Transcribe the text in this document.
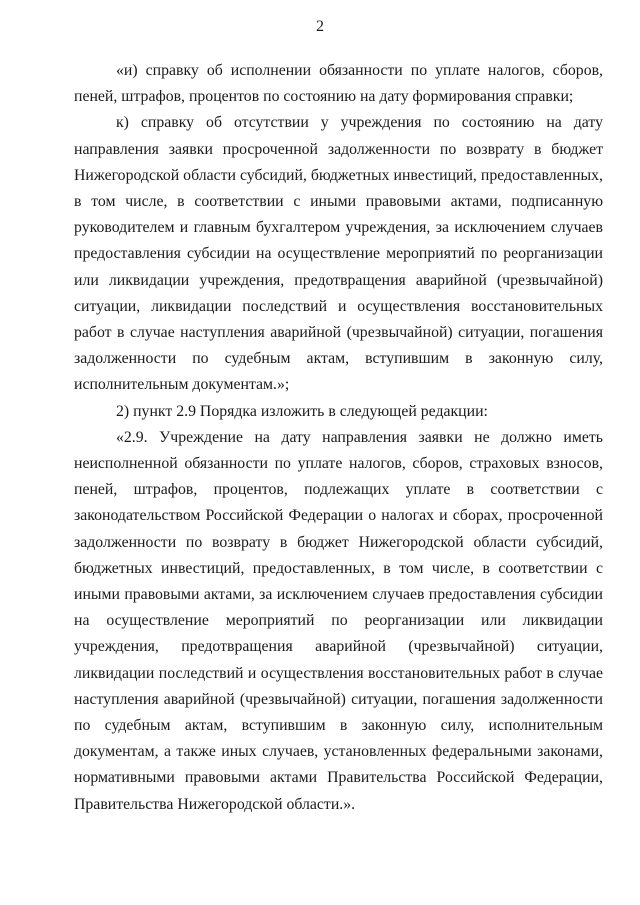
2

«и) справку об исполнении обязанности по уплате налогов, сборов, пеней, штрафов, процентов по состоянию на дату формирования справки;

к) справку об отсутствии у учреждения по состоянию на дату направления заявки просроченной задолженности по возврату в бюджет Нижегородской области субсидий, бюджетных инвестиций, предоставленных, в том числе, в соответствии с иными правовыми актами, подписанную руководителем и главным бухгалтером учреждения, за исключением случаев предоставления субсидии на осуществление мероприятий по реорганизации или ликвидации учреждения, предотвращения аварийной (чрезвычайной) ситуации, ликвидации последствий и осуществления восстановительных работ в случае наступления аварийной (чрезвычайной) ситуации, погашения задолженности по судебным актам, вступившим в законную силу, исполнительным документам.»;

2) пункт 2.9 Порядка изложить в следующей редакции:

«2.9. Учреждение на дату направления заявки не должно иметь неисполненной обязанности по уплате налогов, сборов, страховых взносов, пеней, штрафов, процентов, подлежащих уплате в соответствии с законодательством Российской Федерации о налогах и сборах, просроченной задолженности по возврату в бюджет Нижегородской области субсидий, бюджетных инвестиций, предоставленных, в том числе, в соответствии с иными правовыми актами, за исключением случаев предоставления субсидии на осуществление мероприятий по реорганизации или ликвидации учреждения, предотвращения аварийной (чрезвычайной) ситуации, ликвидации последствий и осуществления восстановительных работ в случае наступления аварийной (чрезвычайной) ситуации, погашения задолженности по судебным актам, вступившим в законную силу, исполнительным документам, а также иных случаев, установленных федеральными законами, нормативными правовыми актами Правительства Российской Федерации, Правительства Нижегородской области.».
